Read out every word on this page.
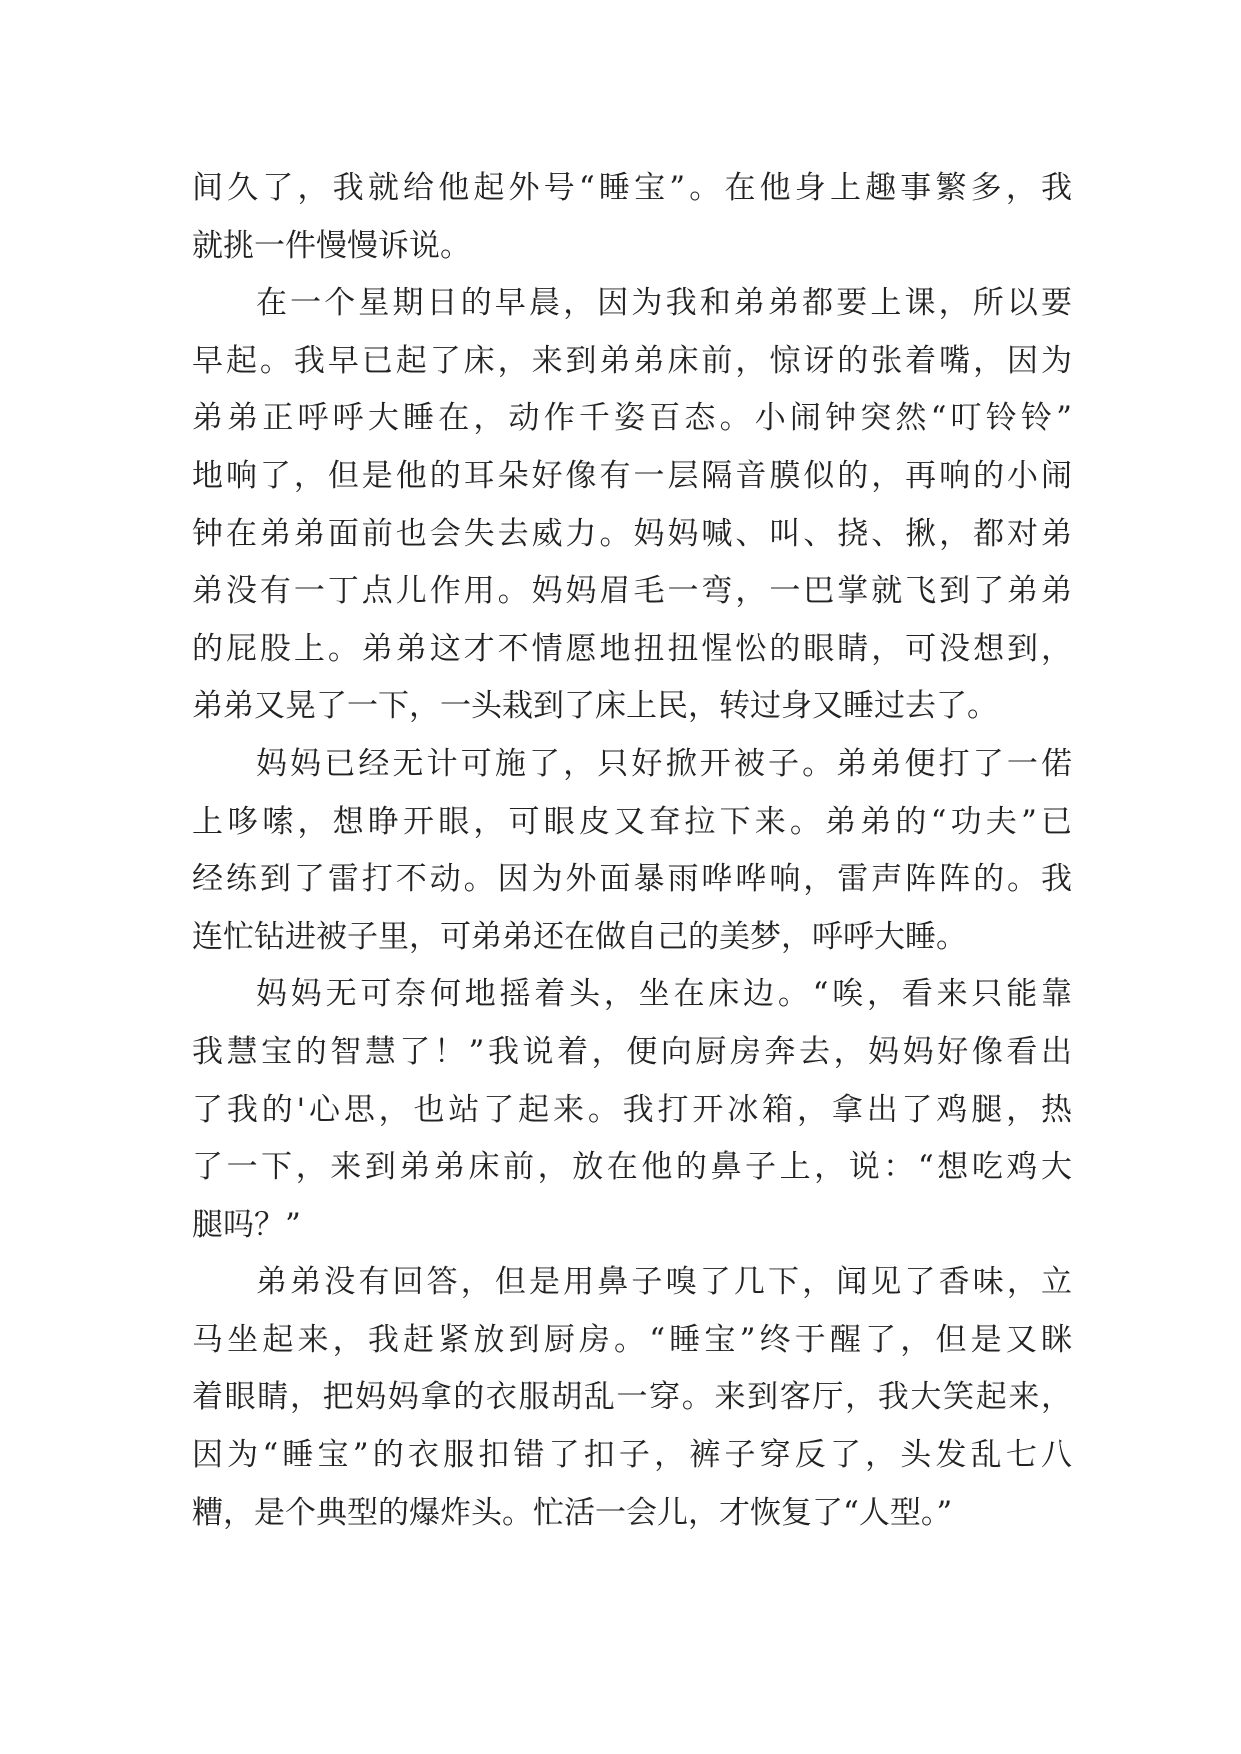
间久了，我就给他起外号“睡宝”。在他身上趣事繁多，我
就挑一件慢慢诉说。
在一个星期日的早晨，因为我和弟弟都要上课，所以要
早起。我早已起了床，来到弟弟床前，惊讶的张着嘴，因为
弟弟正呼呼大睡在，动作千姿百态。小闹钟突然“叮铃铃”
地响了，但是他的耳朵好像有一层隔音膜似的，再响的小闹
钟在弟弟面前也会失去威力。妈妈喊、叫、挠、揪，都对弟
弟没有一丁点儿作用。妈妈眉毛一弯，一巴掌就飞到了弟弟
的屁股上。弟弟这才不情愿地扭扭惺忪的眼睛，可没想到，
弟弟又晃了一下，一头栽到了床上民，转过身又睡过去了。
妈妈已经无计可施了，只好掀开被子。弟弟便打了一偌
上哆嗦，想睁开眼，可眼皮又耷拉下来。弟弟的“功夫”已
经练到了雷打不动。因为外面暴雨哗哗响，雷声阵阵的。我
连忙钻进被子里，可弟弟还在做自己的美梦，呼呼大睡。
妈妈无可奈何地摇着头，坐在床边。“唉，看来只能靠
我慧宝的智慧了！”我说着，便向厨房奔去，妈妈好像看出
了我的'心思，也站了起来。我打开冰箱，拿出了鸡腿，热
了一下，来到弟弟床前，放在他的鼻子上，说：“想吃鸡大
腿吗？”
弟弟没有回答，但是用鼻子嗅了几下，闻见了香味，立
马坐起来，我赶紧放到厨房。“睡宝”终于醒了，但是又眯
着眼睛，把妈妈拿的衣服胡乱一穿。来到客厅，我大笑起来，
因为“睡宝”的衣服扣错了扣子，裤子穿反了，头发乱七八
糟，是个典型的爆炸头。忙活一会儿，才恢复了“人型。”
